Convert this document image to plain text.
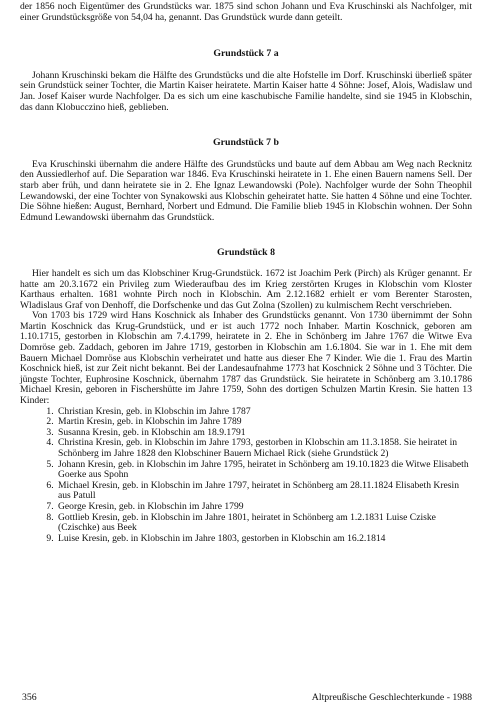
der 1856 noch Eigentümer des Grundstücks war. 1875 sind schon Johann und Eva Kruschinski als Nachfolger, mit einer Grundstücksgröße von 54,04 ha, genannt. Das Grundstück wurde dann geteilt.

Grundstück 7 a

Johann Kruschinski bekam die Hälfte des Grundstücks und die alte Hofstelle im Dorf. Kruschinski überließ später sein Grundstück seiner Tochter, die Martin Kaiser heiratete. Martin Kaiser hatte 4 Söhne: Josef, Alois, Wadislaw und Jan. Josef Kaiser wurde Nachfolger. Da es sich um eine kaschubische Familie handelte, sind sie 1945 in Klobschin, das dann Klobucczino hieß, geblieben.

Grundstück 7 b

Eva Kruschinski übernahm die andere Hälfte des Grundstücks und baute auf dem Abbau am Weg nach Recknitz den Aussiedlerhof auf. Die Separation war 1846. Eva Kruschinski heiratete in 1. Ehe einen Bauern namens Sell. Der starb aber früh, und dann heiratete sie in 2. Ehe Ignaz Lewandowski (Pole). Nachfolger wurde der Sohn Theophil Lewandowski, der eine Tochter von Synakowski aus Klobschin geheiratet hatte. Sie hatten 4 Söhne und eine Tochter. Die Söhne hießen: August, Bernhard, Norbert und Edmund. Die Familie blieb 1945 in Klobschin wohnen. Der Sohn Edmund Lewandowski übernahm das Grundstück.

Grundstück 8

Hier handelt es sich um das Klobschiner Krug-Grundstück. 1672 ist Joachim Perk (Pirch) als Krüger genannt. Er hatte am 20.3.1672 ein Privileg zum Wiederaufbau des im Krieg zerstörten Kruges in Klobschin vom Kloster Karthaus erhalten. 1681 wohnte Pirch noch in Klobschin. Am 2.12.1682 erhielt er vom Berenter Starosten, Wladislaus Graf von Denhoff, die Dorfschenke und das Gut Zolna (Szollen) zu kulmischem Recht verschrieben.

Von 1703 bis 1729 wird Hans Koschnick als Inhaber des Grundstücks genannt. Von 1730 übernimmt der Sohn Martin Koschnick das Krug-Grundstück, und er ist auch 1772 noch Inhaber. Martin Koschnick, geboren am 1.10.1715, gestorben in Klobschin am 7.4.1799, heiratete in 2. Ehe in Schönberg im Jahre 1767 die Witwe Eva Domröse geb. Zaddach, geboren im Jahre 1719, gestorben in Klobschin am 1.6.1804. Sie war in 1. Ehe mit dem Bauern Michael Domröse aus Klobschin verheiratet und hatte aus dieser Ehe 7 Kinder. Wie die 1. Frau des Martin Koschnick hieß, ist zur Zeit nicht bekannt. Bei der Landesaufnahme 1773 hat Koschnick 2 Söhne und 3 Töchter. Die jüngste Tochter, Euphrosine Koschnick, übernahm 1787 das Grundstück. Sie heiratete in Schönberg am 3.10.1786 Michael Kresin, geboren in Fischershütte im Jahre 1759, Sohn des dortigen Schulzen Martin Kresin. Sie hatten 13 Kinder:

1. Christian Kresin, geb. in Klobschin im Jahre 1787
2. Martin Kresin, geb. in Klobschin im Jahre 1789
3. Susanna Kresin, geb. in Klobschin am 18.9.1791
4. Christina Kresin, geb. in Klobschin im Jahre 1793, gestorben in Klobschin am 11.3.1858. Sie heiratet in Schönberg im Jahre 1828 den Klobschiner Bauern Michael Rick (siehe Grundstück 2)
5. Johann Kresin, geb. in Klobschin im Jahre 1795, heiratet in Schönberg am 19.10.1823 die Witwe Elisabeth Goerke aus Spohn
6. Michael Kresin, geb. in Klobschin im Jahre 1797, heiratet in Schönberg am 28.11.1824 Elisabeth Kresin aus Patull
7. George Kresin, geb. in Klobschin im Jahre 1799
8. Gottlieb Kresin, geb. in Klobschin im Jahre 1801, heiratet in Schönberg am 1.2.1831 Luise Cziske (Czischke) aus Beek
9. Luise Kresin, geb. in Klobschin im Jahre 1803, gestorben in Klobschin am 16.2.1814
356	Altpreußische Geschlechterkunde - 1988
